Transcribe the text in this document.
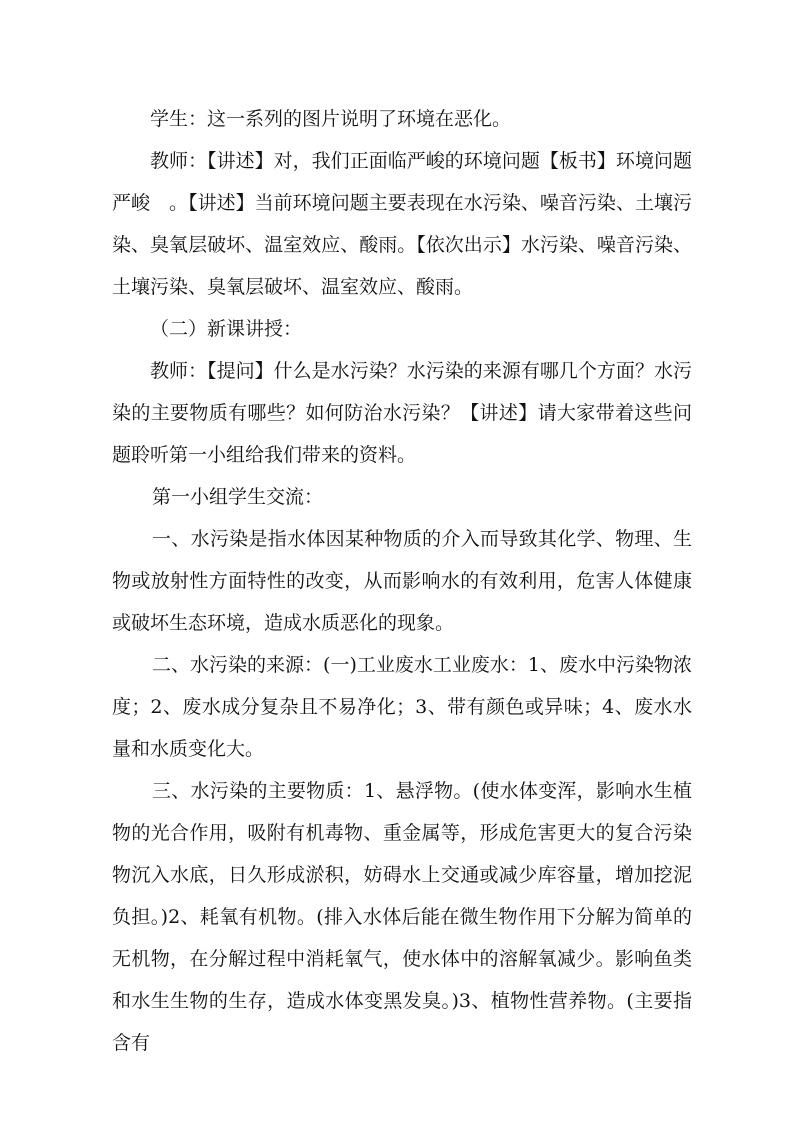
学生：这一系列的图片说明了环境在恶化。

教师：【讲述】对，我们正面临严峻的环境问题【板书】环境问题严峻　。【讲述】当前环境问题主要表现在水污染、噪音污染、土壤污染、臭氧层破坏、温室效应、酸雨。【依次出示】水污染、噪音污染、土壤污染、臭氧层破坏、温室效应、酸雨。

（二）新课讲授：

教师：【提问】什么是水污染？水污染的来源有哪几个方面？水污染的主要物质有哪些？如何防治水污染？【讲述】请大家带着这些问题聆听第一小组给我们带来的资料。

第一小组学生交流：

一、水污染是指水体因某种物质的介入而导致其化学、物理、生物或放射性方面特性的改变，从而影响水的有效利用，危害人体健康或破坏生态环境，造成水质恶化的现象。

二、水污染的来源：(一)工业废水工业废水：1、废水中污染物浓度；2、废水成分复杂且不易净化；3、带有颜色或异味；4、废水水量和水质变化大。

三、水污染的主要物质：1、悬浮物。(使水体变浑，影响水生植物的光合作用，吸附有机毒物、重金属等，形成危害更大的复合污染物沉入水底，日久形成淤积，妨碍水上交通或减少库容量，增加挖泥负担。)2、耗氧有机物。(排入水体后能在微生物作用下分解为简单的无机物，在分解过程中消耗氧气，使水体中的溶解氧减少。影响鱼类和水生生物的生存，造成水体变黑发臭。)3、植物性营养物。(主要指含有
